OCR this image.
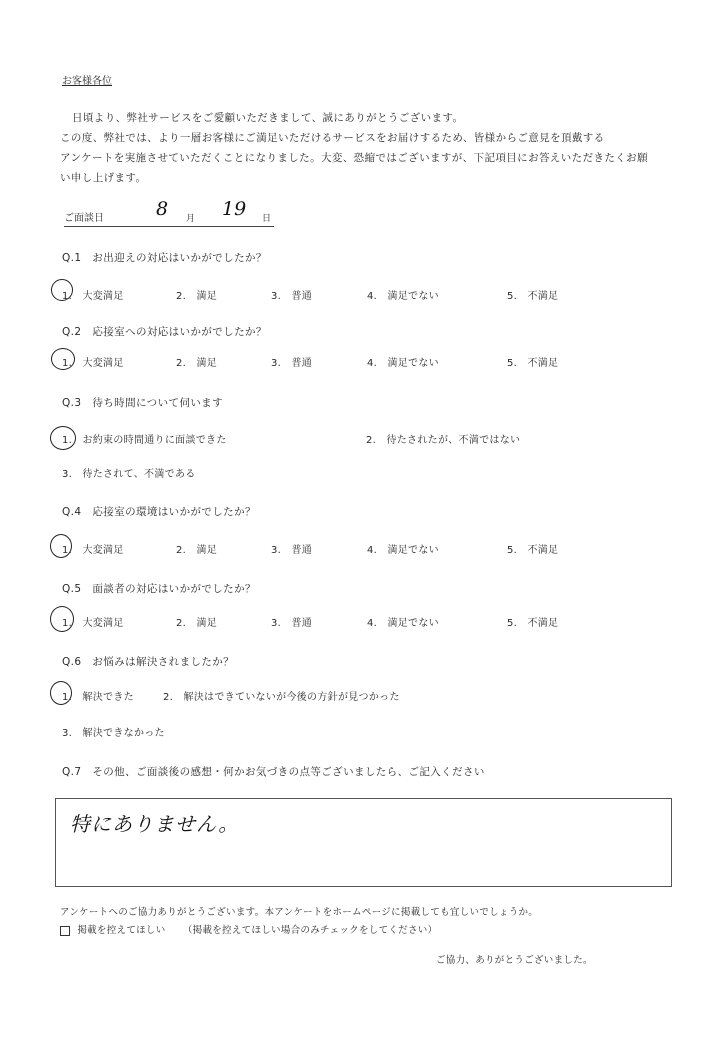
お客様各位

日頃より、弊社サービスをご愛顧いただきまして、誠にありがとうございます。

この度、弊社では、より一層お客様にご満足いただけるサービスをお届けするため、皆様からご意見を頂戴する

アンケートを実施させていただくことになりました。大変、恐縮ではございますが、下記項目にお答えいただきたくお願

い申し上げます。

ご面談日	8 月 19 日
Q.1　お出迎えの対応はいかがでしたか？
1.　大変満足	2.　満足	3.　普通	4.　満足でない	5.　不満足
Q.2　応接室への対応はいかがでしたか？
1.　大変満足	2.　満足	3.　普通	4.　満足でない	5.　不満足
Q.3　待ち時間について伺います
1.　お約束の時間通りに面談できた	2.　待たされたが、不満ではない
3.　待たされて、不満である
Q.4　応接室の環境はいかがでしたか？
1.　大変満足	2.　満足	3.　普通	4.　満足でない	5.　不満足
Q.5　面談者の対応はいかがでしたか？
1.　大変満足	2.　満足	3.　普通	4.　満足でない	5.　不満足
Q.6　お悩みは解決されましたか？
1.　解決できた	2.　解決はできていないが今後の方針が見つかった
3.　解決できなかった
Q.7　その他、ご面談後の感想・何かお気づきの点等ございましたら、ご記入ください
特にありません。
アンケートへのご協力ありがとうございます。本アンケートをホームページに掲載しても宜しいでしょうか。
掲載を控えてほしい （掲載を控えてほしい場合のみチェックをしてください）
ご協力、ありがとうございました。
